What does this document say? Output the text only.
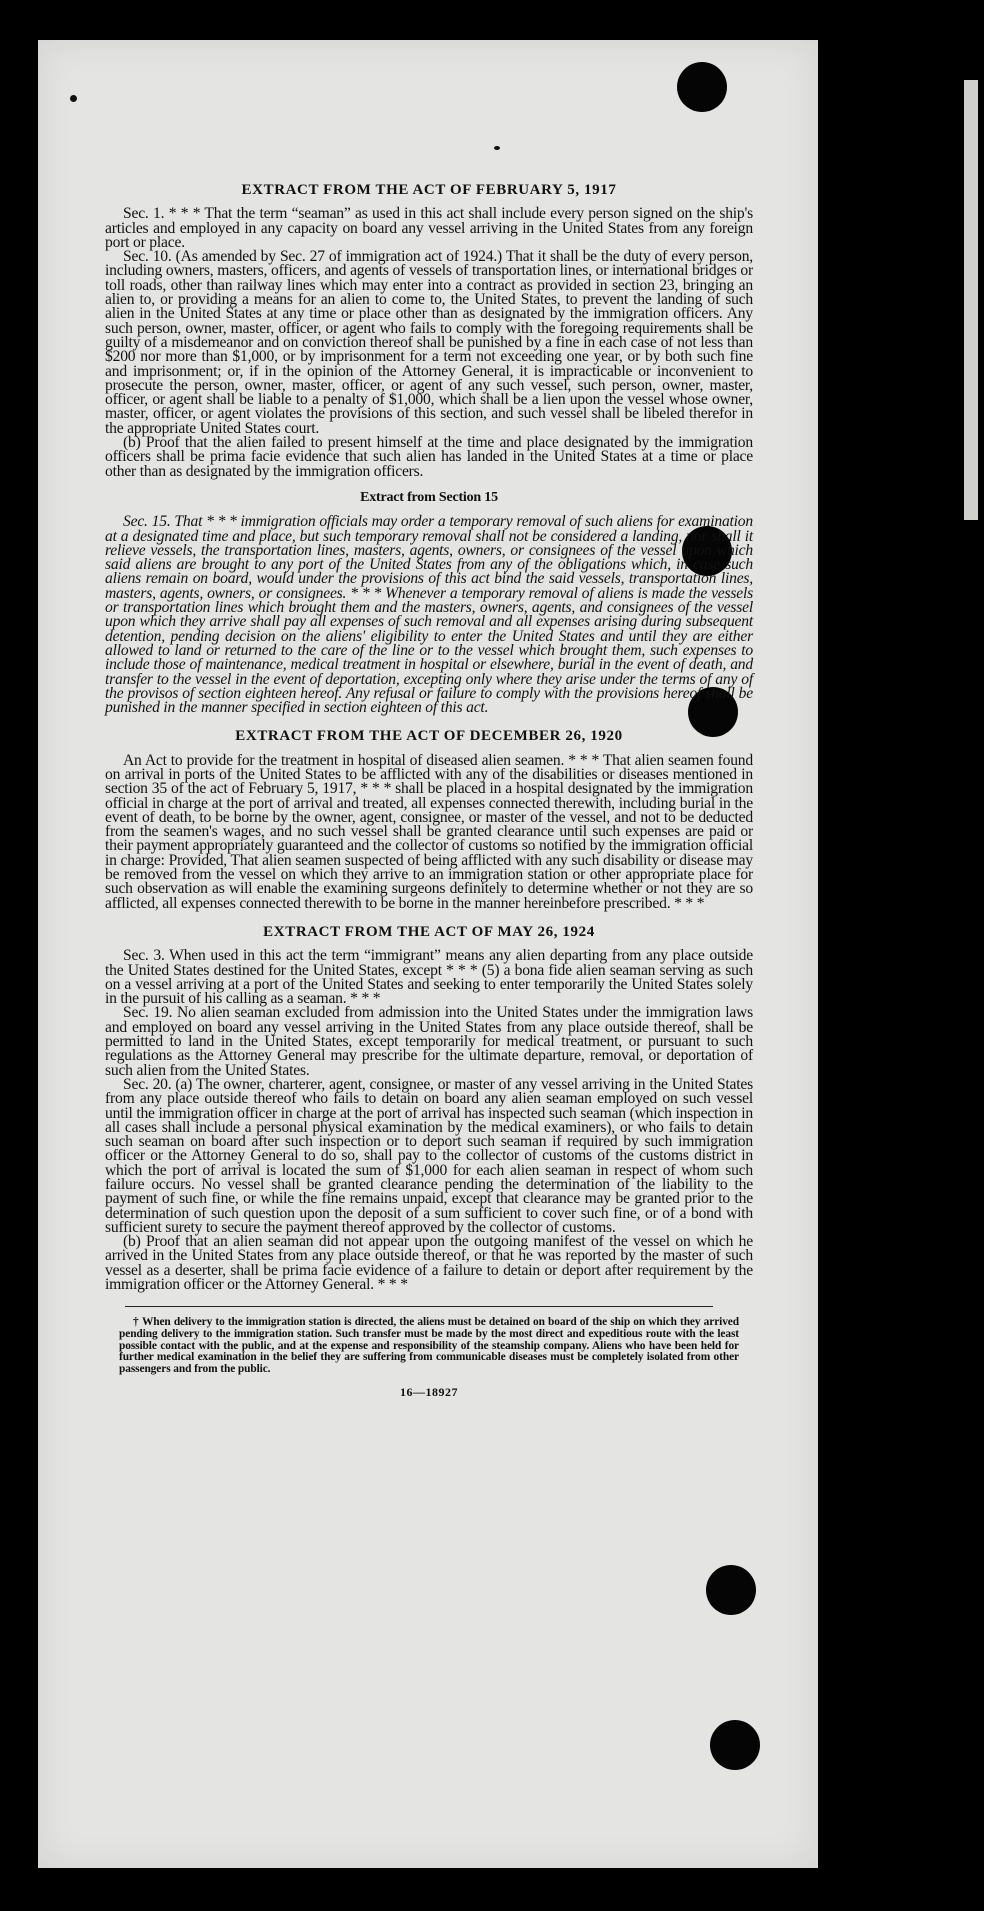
EXTRACT FROM THE ACT OF FEBRUARY 5, 1917

Sec. 1. * * * That the term “seaman” as used in this act shall include every person signed on the ship's articles and employed in any capacity on board any vessel arriving in the United States from any foreign port or place.

Sec. 10. (As amended by Sec. 27 of immigration act of 1924.) That it shall be the duty of every person, including owners, masters, officers, and agents of vessels of transportation lines, or international bridges or toll roads, other than railway lines which may enter into a contract as provided in section 23, bringing an alien to, or providing a means for an alien to come to, the United States, to prevent the landing of such alien in the United States at any time or place other than as designated by the immigration officers. Any such person, owner, master, officer, or agent who fails to comply with the foregoing requirements shall be guilty of a misdemeanor and on conviction thereof shall be punished by a fine in each case of not less than $200 nor more than $1,000, or by imprisonment for a term not exceeding one year, or by both such fine and imprisonment; or, if in the opinion of the Attorney General, it is impracticable or inconvenient to prosecute the person, owner, master, officer, or agent of any such vessel, such person, owner, master, officer, or agent shall be liable to a penalty of $1,000, which shall be a lien upon the vessel whose owner, master, officer, or agent violates the provisions of this section, and such vessel shall be libeled therefor in the appropriate United States court.

(b) Proof that the alien failed to present himself at the time and place designated by the immigration officers shall be prima facie evidence that such alien has landed in the United States at a time or place other than as designated by the immigration officers.

Extract from Section 15

Sec. 15. That * * * immigration officials may order a temporary removal of such aliens for examination at a designated time and place, but such temporary removal shall not be considered a landing, nor shall it relieve vessels, the transportation lines, masters, agents, owners, or consignees of the vessel upon which said aliens are brought to any port of the United States from any of the obligations which, in case such aliens remain on board, would under the provisions of this act bind the said vessels, transportation lines, masters, agents, owners, or consignees. * * * Whenever a temporary removal of aliens is made the vessels or transportation lines which brought them and the masters, owners, agents, and consignees of the vessel upon which they arrive shall pay all expenses of such removal and all expenses arising during subsequent detention, pending decision on the aliens' eligibility to enter the United States and until they are either allowed to land or returned to the care of the line or to the vessel which brought them, such expenses to include those of maintenance, medical treatment in hospital or elsewhere, burial in the event of death, and transfer to the vessel in the event of deportation, excepting only where they arise under the terms of any of the provisos of section eighteen hereof. Any refusal or failure to comply with the provisions hereof shall be punished in the manner specified in section eighteen of this act.

EXTRACT FROM THE ACT OF DECEMBER 26, 1920

An Act to provide for the treatment in hospital of diseased alien seamen. * * * That alien seamen found on arrival in ports of the United States to be afflicted with any of the disabilities or diseases mentioned in section 35 of the act of February 5, 1917, * * * shall be placed in a hospital designated by the immigration official in charge at the port of arrival and treated, all expenses connected therewith, including burial in the event of death, to be borne by the owner, agent, consignee, or master of the vessel, and not to be deducted from the seamen's wages, and no such vessel shall be granted clearance until such expenses are paid or their payment appropriately guaranteed and the collector of customs so notified by the immigration official in charge: Provided, That alien seamen suspected of being afflicted with any such disability or disease may be removed from the vessel on which they arrive to an immigration station or other appropriate place for such observation as will enable the examining surgeons definitely to determine whether or not they are so afflicted, all expenses connected therewith to be borne in the manner hereinbefore prescribed. * * *

EXTRACT FROM THE ACT OF MAY 26, 1924

Sec. 3. When used in this act the term “immigrant” means any alien departing from any place outside the United States destined for the United States, except * * * (5) a bona fide alien seaman serving as such on a vessel arriving at a port of the United States and seeking to enter temporarily the United States solely in the pursuit of his calling as a seaman. * * *

Sec. 19. No alien seaman excluded from admission into the United States under the immigration laws and employed on board any vessel arriving in the United States from any place outside thereof, shall be permitted to land in the United States, except temporarily for medical treatment, or pursuant to such regulations as the Attorney General may prescribe for the ultimate departure, removal, or deportation of such alien from the United States.

Sec. 20. (a) The owner, charterer, agent, consignee, or master of any vessel arriving in the United States from any place outside thereof who fails to detain on board any alien seaman employed on such vessel until the immigration officer in charge at the port of arrival has inspected such seaman (which inspection in all cases shall include a personal physical examination by the medical examiners), or who fails to detain such seaman on board after such inspection or to deport such seaman if required by such immigration officer or the Attorney General to do so, shall pay to the collector of customs of the customs district in which the port of arrival is located the sum of $1,000 for each alien seaman in respect of whom such failure occurs. No vessel shall be granted clearance pending the determination of the liability to the payment of such fine, or while the fine remains unpaid, except that clearance may be granted prior to the determination of such question upon the deposit of a sum sufficient to cover such fine, or of a bond with sufficient surety to secure the payment thereof approved by the collector of customs.

(b) Proof that an alien seaman did not appear upon the outgoing manifest of the vessel on which he arrived in the United States from any place outside thereof, or that he was reported by the master of such vessel as a deserter, shall be prima facie evidence of a failure to detain or deport after requirement by the immigration officer or the Attorney General. * * *

† When delivery to the immigration station is directed, the aliens must be detained on board of the ship on which they arrived pending delivery to the immigration station. Such transfer must be made by the most direct and expeditious route with the least possible contact with the public, and at the expense and responsibility of the steamship company. Aliens who have been held for further medical examination in the belief they are suffering from communicable diseases must be completely isolated from other passengers and from the public.

16—18927
